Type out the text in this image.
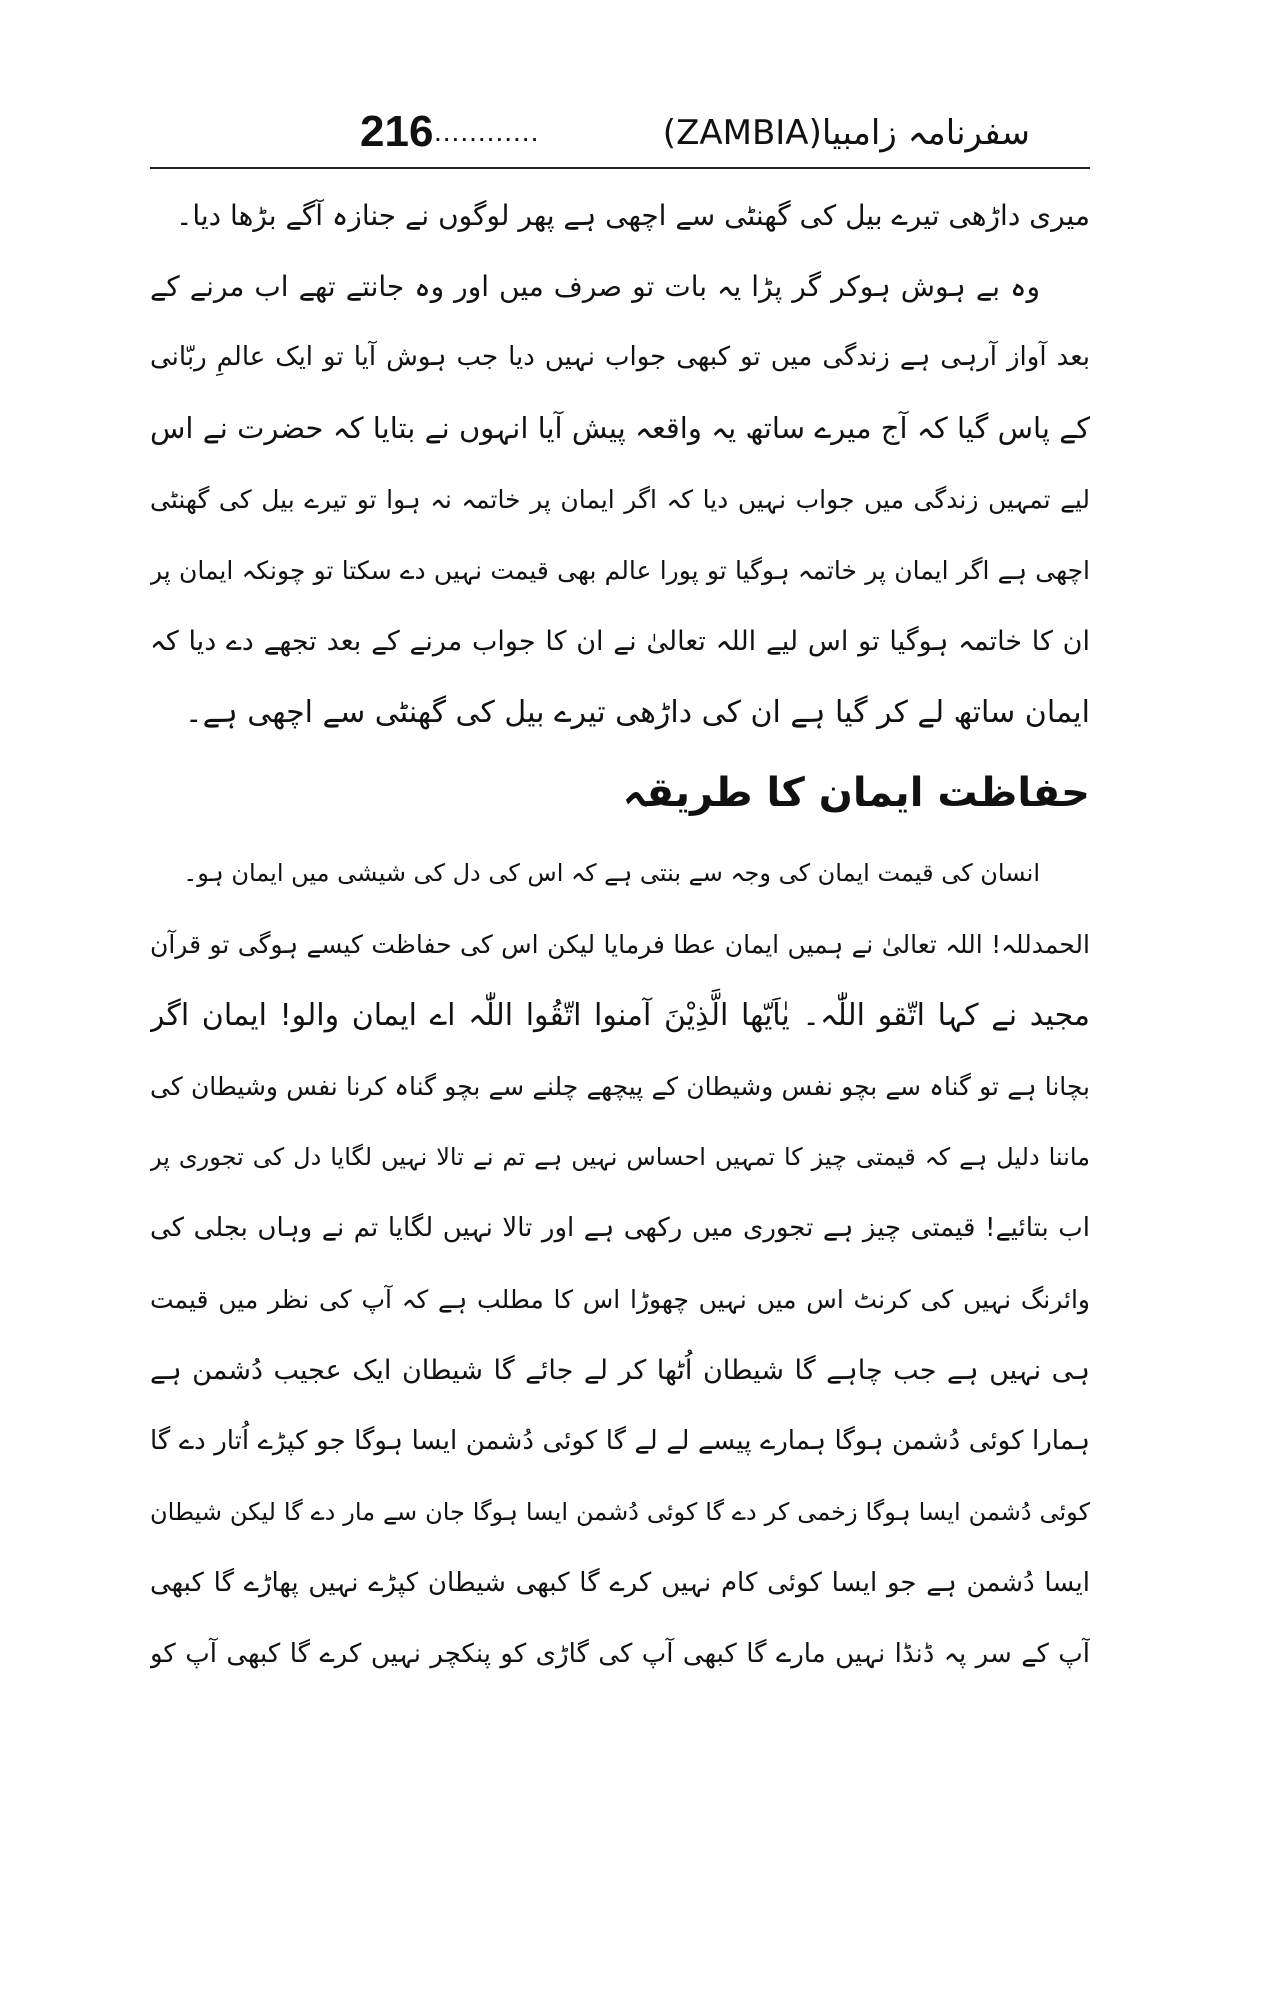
216 ............	سفرنامہ زامبیا(ZAMBIA)
میری داڑھی تیرے بیل کی گھنٹی سے اچھی ہے پھر لوگوں نے جنازہ آگے بڑھا دیا۔
وہ بے ہوش ہوکر گر پڑا یہ بات تو صرف میں اور وہ جانتے تھے اب مرنے کے
بعد آواز آرہی ہے زندگی میں تو کبھی جواب نہیں دیا جب ہوش آیا تو ایک عالمِ ربّانی
کے پاس گیا کہ آج میرے ساتھ یہ واقعہ پیش آیا انہوں نے بتایا کہ حضرت نے اس
لیے تمہیں زندگی میں جواب نہیں دیا کہ اگر ایمان پر خاتمہ نہ ہوا تو تیرے بیل کی گھنٹی
اچھی ہے اگر ایمان پر خاتمہ ہوگیا تو پورا عالم بھی قیمت نہیں دے سکتا تو چونکہ ایمان پر
ان کا خاتمہ ہوگیا تو اس لیے اللہ تعالیٰ نے ان کا جواب مرنے کے بعد تجھے دے دیا کہ
ایمان ساتھ لے کر گیا ہے ان کی داڑھی تیرے بیل کی گھنٹی سے اچھی ہے۔
حفاظت ایمان کا طریقہ
انسان کی قیمت ایمان کی وجہ سے بنتی ہے کہ اس کی دل کی شیشی میں ایمان ہو۔
الحمدللہ! اللہ تعالیٰ نے ہمیں ایمان عطا فرمایا لیکن اس کی حفاظت کیسے ہوگی تو قرآن
مجید نے کہا اتّقو اللّٰہ۔ یٰاَیّھا الَّذِیْنَ آمنوا اتّقُوا اللّٰہ اے ایمان والو! ایمان اگر
بچانا ہے تو گناہ سے بچو نفس وشیطان کے پیچھے چلنے سے بچو گناہ کرنا نفس وشیطان کی
ماننا دلیل ہے کہ قیمتی چیز کا تمہیں احساس نہیں ہے تم نے تالا نہیں لگایا دل کی تجوری پر
اب بتائیے! قیمتی چیز ہے تجوری میں رکھی ہے اور تالا نہیں لگایا تم نے وہاں بجلی کی
وائرنگ نہیں کی کرنٹ اس میں نہیں چھوڑا اس کا مطلب ہے کہ آپ کی نظر میں قیمت
ہی نہیں ہے جب چاہے گا شیطان اُٹھا کر لے جائے گا شیطان ایک عجیب دُشمن ہے
ہمارا کوئی دُشمن ہوگا ہمارے پیسے لے لے گا کوئی دُشمن ایسا ہوگا جو کپڑے اُتار دے گا
کوئی دُشمن ایسا ہوگا زخمی کر دے گا کوئی دُشمن ایسا ہوگا جان سے مار دے گا لیکن شیطان
ایسا دُشمن ہے جو ایسا کوئی کام نہیں کرے گا کبھی شیطان کپڑے نہیں پھاڑے گا کبھی
آپ کے سر پہ ڈنڈا نہیں مارے گا کبھی آپ کی گاڑی کو پنکچر نہیں کرے گا کبھی آپ کو
